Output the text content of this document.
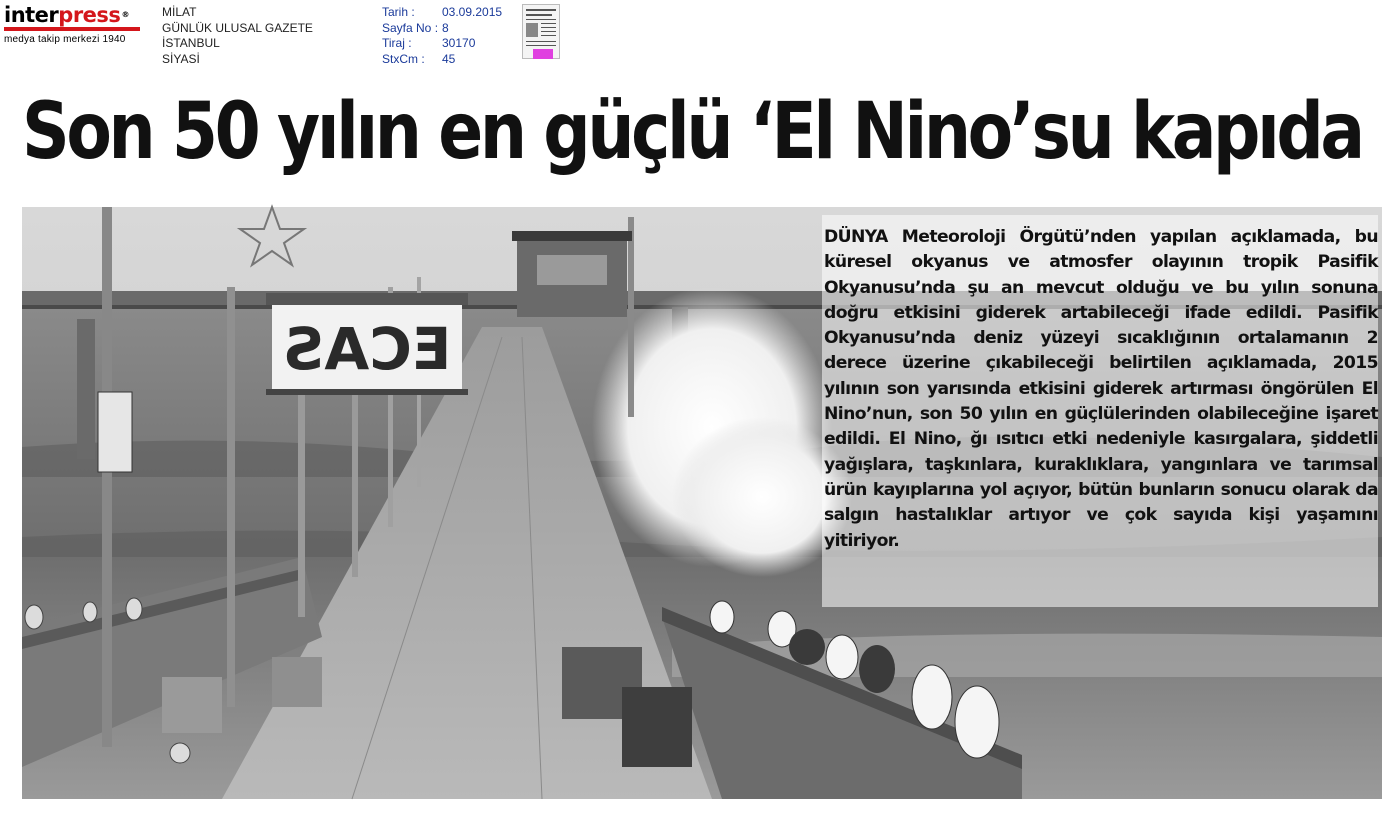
interpress®
medya takip merkezi 1940
MİLAT
GÜNLÜK ULUSAL GAZETE
İSTANBUL
SİYASİ
Tarih :	03.09.2015
Sayfa No : 8
Tiraj :	30170
StxCm :	45
Son 50 yılın en güçlü ‘El Nino’su kapıda
ECAS

DÜNYA Meteoroloji Örgütü’nden yapılan açıklamada, bu küresel okyanus ve atmosfer olayının tropik Pasifik Okyanusu’nda şu an mevcut olduğu ve bu yılın sonuna doğru etkisini giderek artabileceği ifade edildi. Pasifik Okyanusu’nda deniz yüzeyi sıcaklığının ortalamanın 2 derece üzerine çıkabileceği belirtilen açıklamada, 2015 yılının son yarısında etkisini giderek artırması öngörülen El Nino’nun, son 50 yılın en güçlülerinden olabileceğine işaret edildi. El Nino, ğı ısıtıcı etki nedeniyle kasırgalara, şiddetli yağışlara, taşkınlara, kuraklıklara, yangınlara ve tarımsal ürün kayıplarına yol açıyor, bütün bunların sonucu olarak da salgın hastalıklar artıyor ve çok sayıda kişi yaşamını yitiriyor.
